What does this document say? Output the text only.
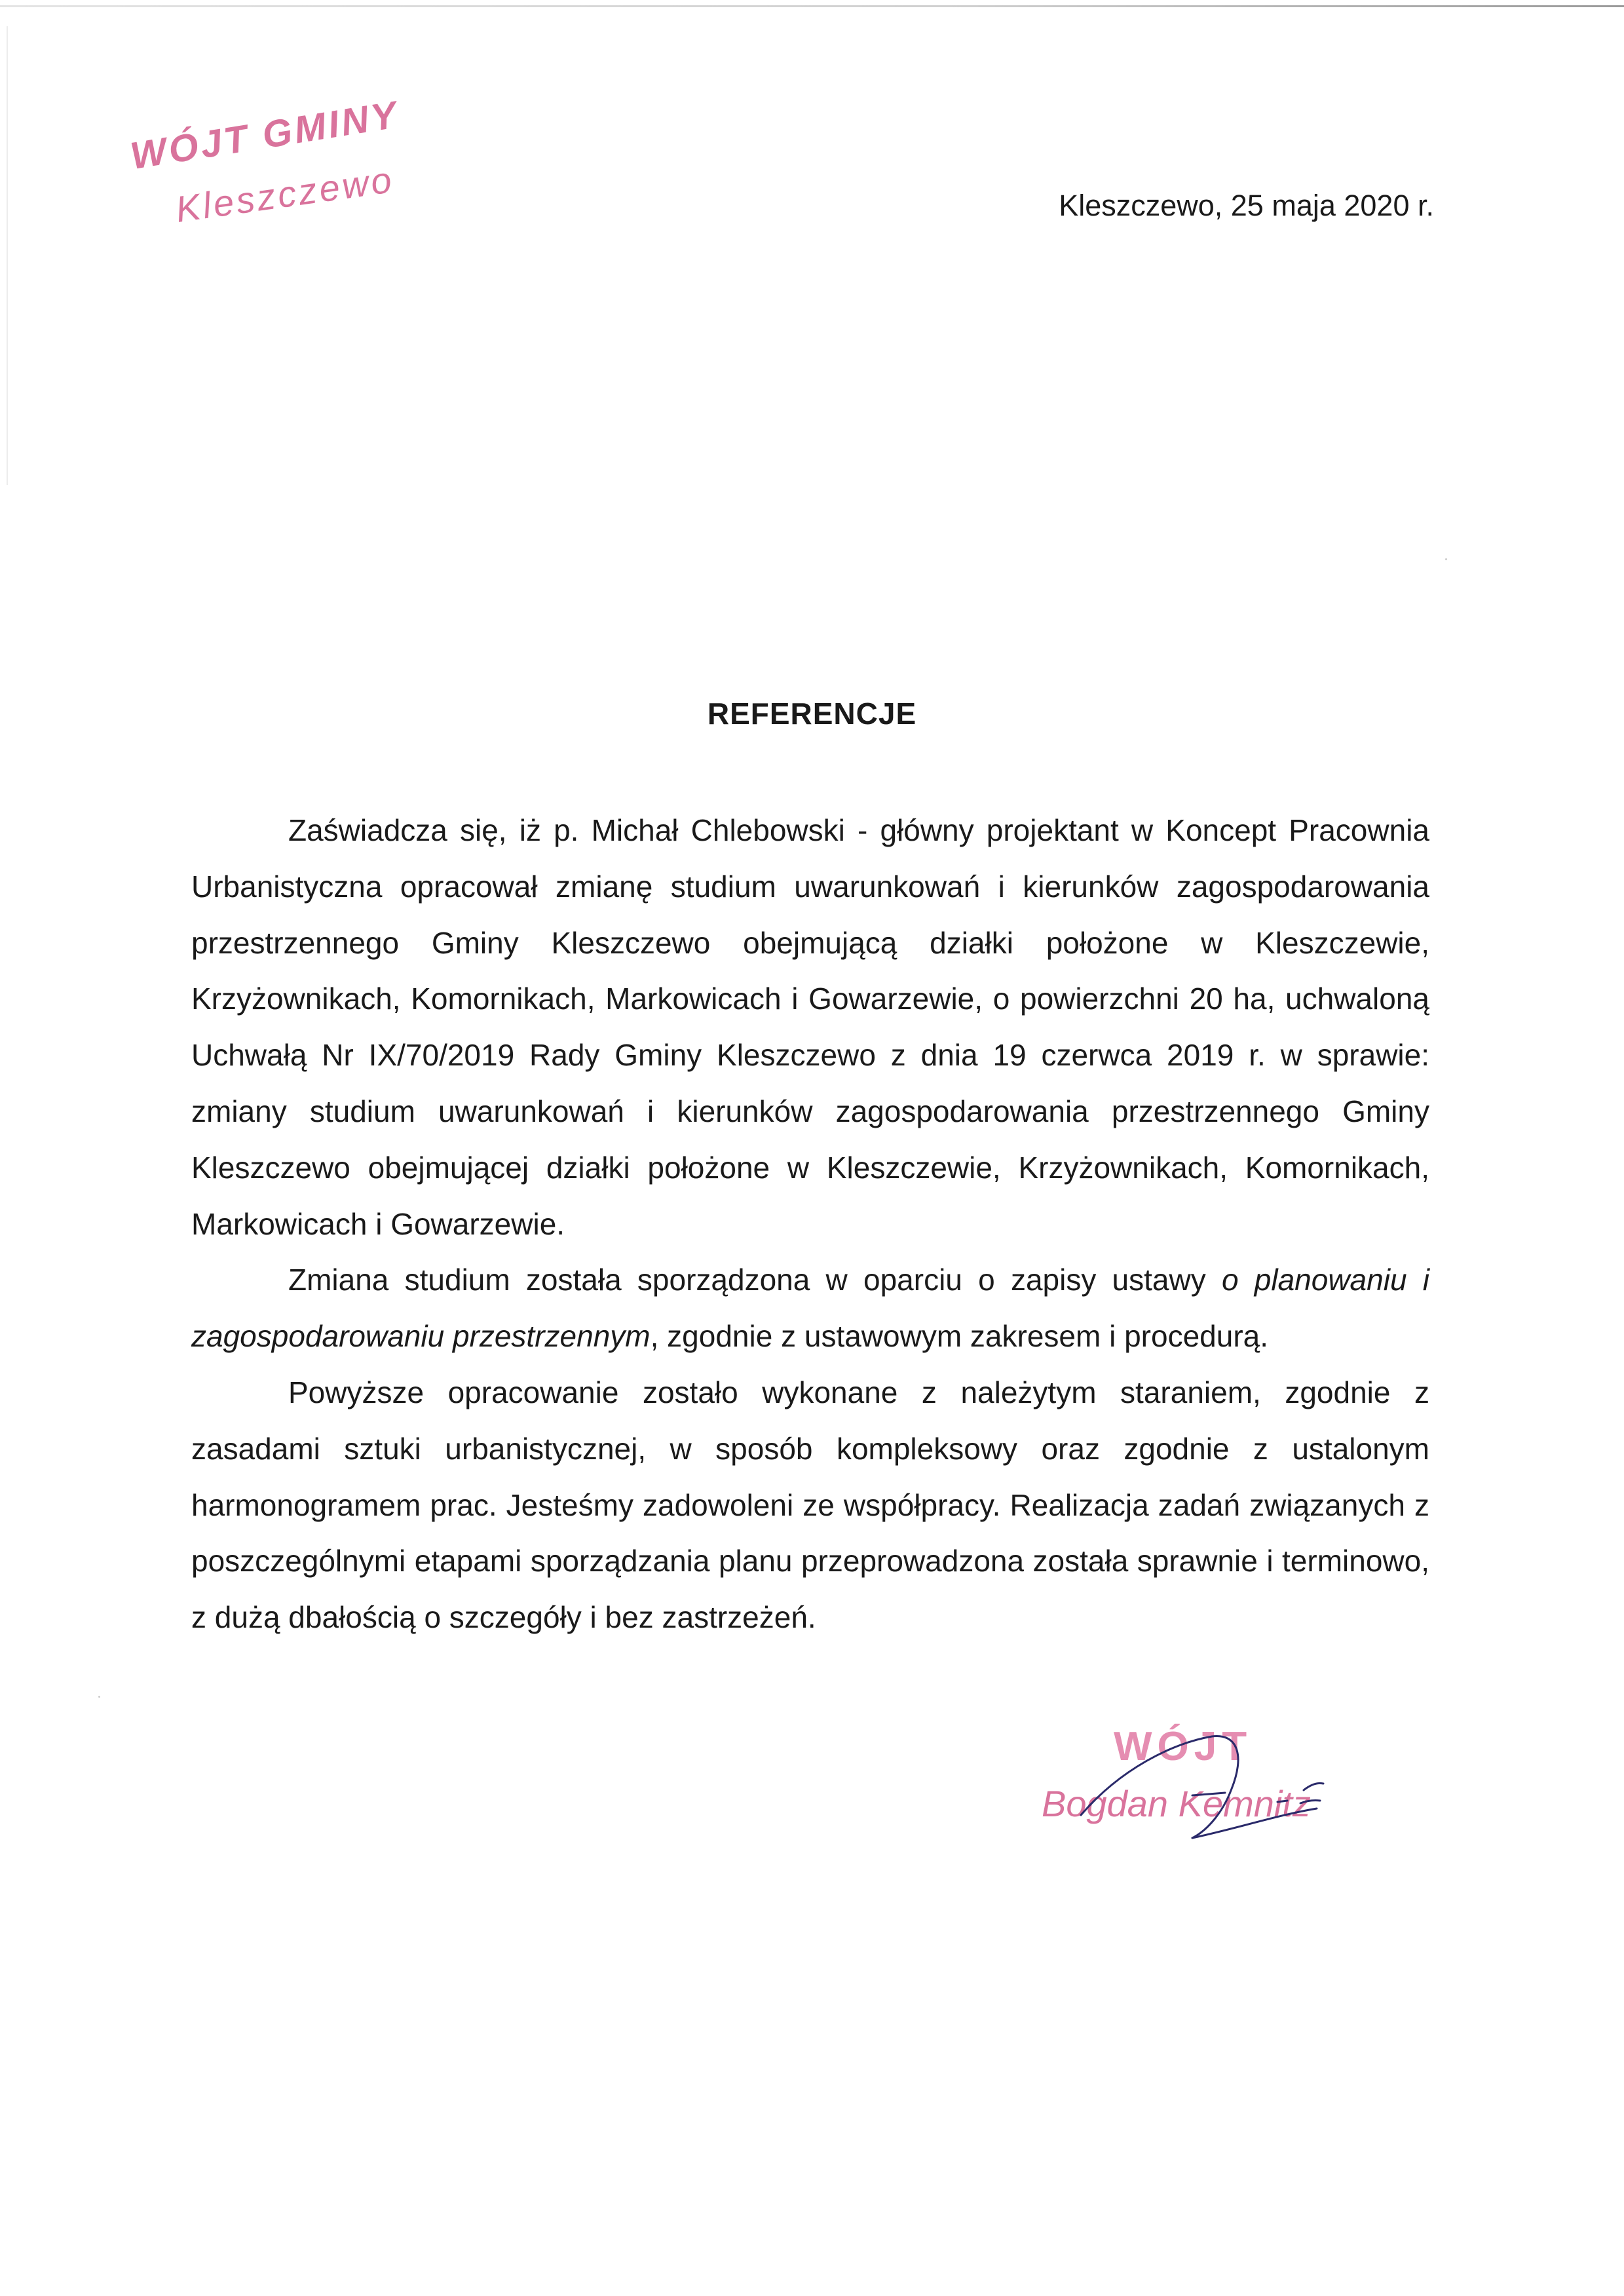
WÓJT GMINY
Kleszczewo	Kleszczewo, 25 maja 2020 r.
REFERENCJE

Zaświadcza się, iż p. Michał Chlebowski - główny projektant w Koncept Pracownia Urbanistyczna opracował zmianę studium uwarunkowań i kierunków zagospodarowania przestrzennego Gminy Kleszczewo obejmującą działki położone w Kleszczewie, Krzyżownikach, Komornikach, Markowicach i Gowarzewie, o powierzchni 20 ha, uchwaloną Uchwałą Nr IX/70/2019 Rady Gminy Kleszczewo z dnia 19 czerwca 2019 r. w sprawie: zmiany studium uwarunkowań i kierunków zagospodarowania przestrzennego Gminy Kleszczewo obejmującej działki położone w Kleszczewie, Krzyżownikach, Komornikach, Markowicach i Gowarzewie.

Zmiana studium została sporządzona w oparciu o zapisy ustawy o planowaniu i zagospodarowaniu przestrzennym, zgodnie z ustawowym zakresem i procedurą.

Powyższe opracowanie zostało wykonane z należytym staraniem, zgodnie z zasadami sztuki urbanistycznej, w sposób kompleksowy oraz zgodnie z ustalonym harmonogramem prac. Jesteśmy zadowoleni ze współpracy. Realizacja zadań związanych z poszczególnymi etapami sporządzania planu przeprowadzona została sprawnie i terminowo, z dużą dbałością o szczegóły i bez zastrzeżeń.

WÓJT
Bogdan Kemnitz
